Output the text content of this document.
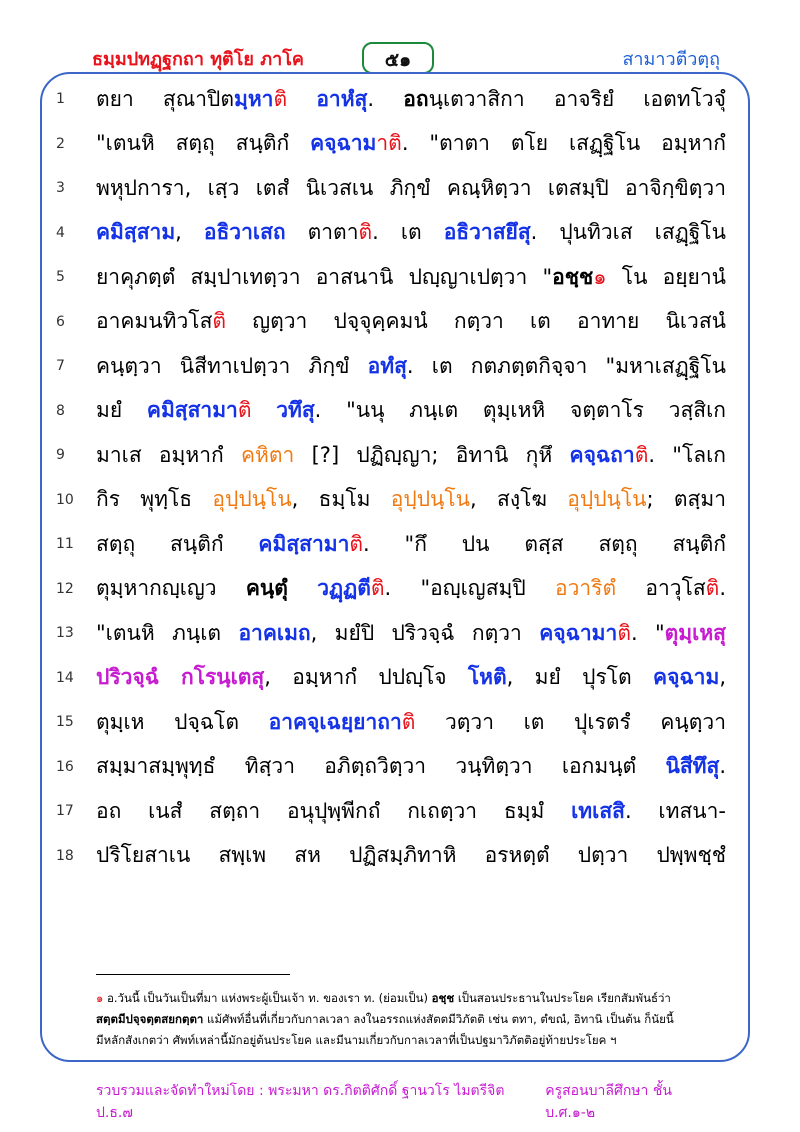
ธมฺมปทฏฺฐกถา ทุติโย ภาโค	๕๑	สามาวตีวตฺถุ
1	ตยา สุณาปิตมฺหาติ อาหํสุ. อถนฺเตวาสิกา อาจริยํ เอตทโวจุํ
2	"เตนหิ สตฺถุ สนฺติกํ คจฺฉามาติ. "ตาตา ตโย เสฏฺฐิโน อมฺหากํ
3	พหุปการา, เสฺว เตสํ นิเวสเน ภิกฺขํ คณฺหิตฺวา เตสมฺปิ อาจิกฺขิตฺวา
4	คมิสฺสาม, อธิวาเสถ ตาตาติ. เต อธิวาสยึสุ. ปุนทิวเส เสฏฺฐิโน
5	ยาคุภตฺตํ สมฺปาเทตฺวา อาสนานิ ปญฺญาเปตฺวา "อชฺช๑ โน อยฺยานํ
6	อาคมนทิวโสติ ญตฺวา ปจฺจุคฺคมนํ กตฺวา เต อาทาย นิเวสนํ
7	คนฺตฺวา นิสีทาเปตฺวา ภิกฺขํ อทํสุ. เต กตภตฺตกิจฺจา "มหาเสฏฺฐิโน
8	มยํ คมิสฺสามาติ วทึสุ. "นนุ ภนฺเต ตุมฺเหหิ จตฺตาโร วสฺสิเก
9	มาเส อมฺหากํ คหิตา [?] ปฏิญฺญา; อิทานิ กุหึ คจฺฉถาติ. "โลเก
10	กิร พุทฺโธ อุปฺปนฺโน, ธมฺโม อุปฺปนฺโน, สงฺโฆ อุปฺปนฺโน; ตสฺมา
11	สตฺถุ สนฺติกํ คมิสฺสามาติ. "กึ ปน ตสฺส สตฺถุ สนฺติกํ
12	ตุมฺหากญฺเญว คนฺตุํ วฏฺฏตีติ. "อญฺเญสมฺปิ อวาริตํ อาวุโสติ.
13	"เตนหิ ภนฺเต อาคเมถ, มยํปิ ปริวจฺฉํ กตฺวา คจฺฉามาติ. "ตุมฺเหสุ
14	ปริวจฺฉํ กโรนฺเตสุ, อมฺหากํ ปปญฺโจ โหติ, มยํ ปุรโต คจฺฉาม,
15	ตุมฺเห ปจฺฉโต อาคจฺเฉยฺยาถาติ วตฺวา เต ปุเรตรํ คนฺตฺวา
16	สมฺมาสมฺพุทฺธํ ทิสฺวา อภิตฺถวิตฺวา วนฺทิตฺวา เอกมนฺตํ นิสีทึสุ.
17	อถ เนสํ สตฺถา อนุปุพฺพีกถํ กเถตฺวา ธมฺมํ เทเสสิ. เทสนา-
18	ปริโยสาเน สพฺเพ สห ปฏิสมฺภิทาหิ อรหตฺตํ ปตฺวา ปพฺพชฺชํ
๑ อ.วันนี้ เป็นวันเป็นที่มา แห่งพระผู้เป็นเจ้า ท. ของเรา ท. (ย่อมเป็น) อชฺช เป็นสอนประธานในประโยค เรียกสัมพันธ์ว่า
สตฺตมีปจฺจตฺตสยกตฺตา แม้ศัพท์อื่นที่เกี่ยวกับกาลเวลา ลงในอรรถแห่งสัตตมีวิภัตติ เช่น ตทา, ตํขณํ, อิทานิ เป็นต้น ก็นัยนี้
มีหลักสังเกตว่า ศัพท์เหล่านี้มักอยู่ต้นประโยค และมีนามเกี่ยวกับกาลเวลาที่เป็นปฐมาวิภัตติอยู่ท้ายประโยค ฯ
รวบรวมและจัดทำใหม่โดย : พระมหา ดร.กิตติศักดิ์ ฐานวโร ไมตรีจิต ป.ธ.๗
ครูสอนบาลีศึกษา ชั้น บ.ศ.๑-๒
